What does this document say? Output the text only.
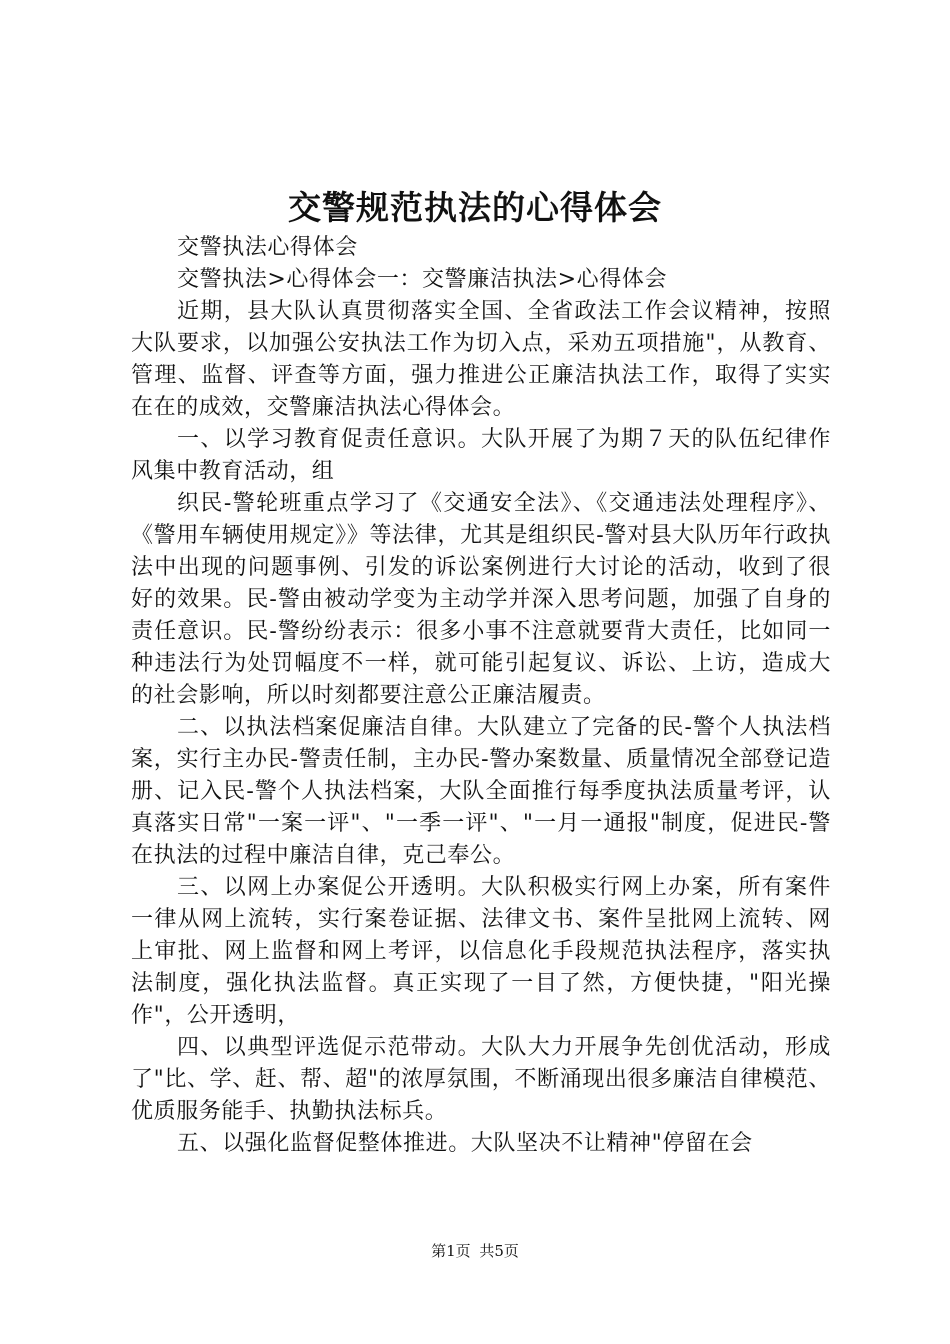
交警规范执法的心得体会

交警执法心得体会

交警执法>心得体会一：交警廉洁执法>心得体会

近期，县大队认真贯彻落实全国、全省政法工作会议精神，按照大队要求，以加强公安执法工作为切入点，采劝五项措施"，从教育、管理、监督、评查等方面，强力推进公正廉洁执法工作，取得了实实在在的成效，交警廉洁执法心得体会。

一、以学习教育促责任意识。大队开展了为期７天的队伍纪律作风集中教育活动，组

织民-警轮班重点学习了《交通安全法》、《交通违法处理程序》、《警用车辆使用规定》》等法律，尤其是组织民-警对县大队历年行政执法中出现的问题事例、引发的诉讼案例进行大讨论的活动，收到了很好的效果。民-警由被动学变为主动学并深入思考问题，加强了自身的责任意识。民-警纷纷表示：很多小事不注意就要背大责任，比如同一种违法行为处罚幅度不一样，就可能引起复议、诉讼、上访，造成大的社会影响，所以时刻都要注意公正廉洁履责。

二、以执法档案促廉洁自律。大队建立了完备的民-警个人执法档案，实行主办民-警责任制，主办民-警办案数量、质量情况全部登记造册、记入民-警个人执法档案，大队全面推行每季度执法质量考评，认真落实日常"一案一评"、"一季一评"、"一月一通报"制度，促进民-警在执法的过程中廉洁自律，克己奉公。

三、以网上办案促公开透明。大队积极实行网上办案，所有案件一律从网上流转，实行案卷证据、法律文书、案件呈批网上流转、网上审批、网上监督和网上考评，以信息化手段规范执法程序，落实执法制度，强化执法监督。真正实现了一目了然，方便快捷，"阳光操作"，公开透明，

四、以典型评选促示范带动。大队大力开展争先创优活动，形成了"比、学、赶、帮、超"的浓厚氛围，不断涌现出很多廉洁自律模范、优质服务能手、执勤执法标兵。

五、以强化监督促整体推进。大队坚决不让精神"停留在会

第1页 共5页
